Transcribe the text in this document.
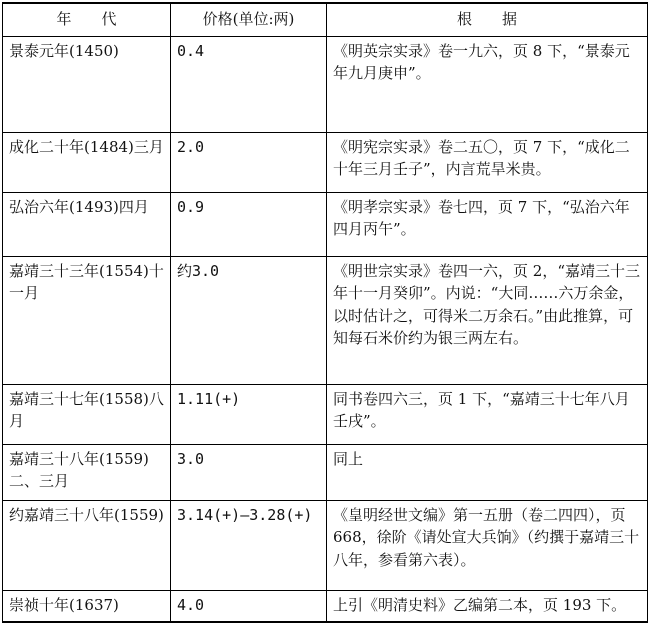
年　　代	价格(单位:两)	根　　据
景泰元年(1450)	0.4	《明英宗实录》卷一九六，页 8 下，“景泰元年九月庚申”。
成化二十年(1484)三月	2.0	《明宪宗实录》卷二五〇，页 7 下，“成化二十年三月壬子”，内言荒旱米贵。
弘治六年(1493)四月	0.9	《明孝宗实录》卷七四，页 7 下，“弘治六年四月丙午”。
嘉靖三十三年(1554)十一月	约3.0	《明世宗实录》卷四一六，页 2，“嘉靖三十三年十一月癸卯”。内说：“大同……六万余金，以时估计之，可得米二万余石。”由此推算，可知每石米价约为银三两左右。
嘉靖三十七年(1558)八月	1.11(+)	同书卷四六三，页 1 下，“嘉靖三十七年八月壬戌”。
嘉靖三十八年(1559)二、三月	3.0	同上
约嘉靖三十八年(1559)	3.14(+)—3.28(+)	《皇明经世文编》第一五册（卷二四四），页 668，徐阶《请处宣大兵饷》（约撰于嘉靖三十八年，参看第六表）。
崇祯十年(1637)	4.0	上引《明清史料》乙编第二本，页 193 下。
